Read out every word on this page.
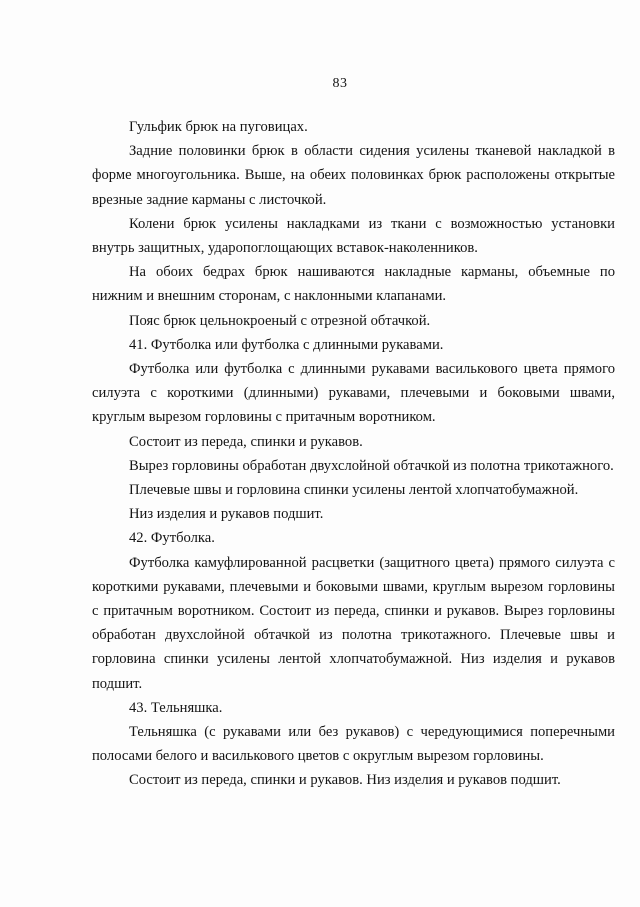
83

Гульфик брюк на пуговицах.

Задние половинки брюк в области сидения усилены тканевой накладкой в форме многоугольника. Выше, на обеих половинках брюк расположены открытые врезные задние карманы с листочкой.

Колени брюк усилены накладками из ткани с возможностью установки внутрь защитных, ударопоглощающих вставок-наколенников.

На обоих бедрах брюк нашиваются накладные карманы, объемные по нижним и внешним сторонам, с наклонными клапанами.

Пояс брюк цельнокроеный с отрезной обтачкой.

41. Футболка или футболка с длинными рукавами.

Футболка или футболка с длинными рукавами василькового цвета прямого силуэта с короткими (длинными) рукавами, плечевыми и боковыми швами, круглым вырезом горловины с притачным воротником.

Состоит из переда, спинки и рукавов.

Вырез горловины обработан двухслойной обтачкой из полотна трикотажного.

Плечевые швы и горловина спинки усилены лентой хлопчатобумажной.

Низ изделия и рукавов подшит.

42. Футболка.

Футболка камуфлированной расцветки (защитного цвета) прямого силуэта с короткими рукавами, плечевыми и боковыми швами, круглым вырезом горловины с притачным воротником. Состоит из переда, спинки и рукавов. Вырез горловины обработан двухслойной обтачкой из полотна трикотажного. Плечевые швы и горловина спинки усилены лентой хлопчатобумажной. Низ изделия и рукавов подшит.

43. Тельняшка.

Тельняшка (с рукавами или без рукавов) с чередующимися поперечными полосами белого и василькового цветов с округлым вырезом горловины.

Состоит из переда, спинки и рукавов. Низ изделия и рукавов подшит.
